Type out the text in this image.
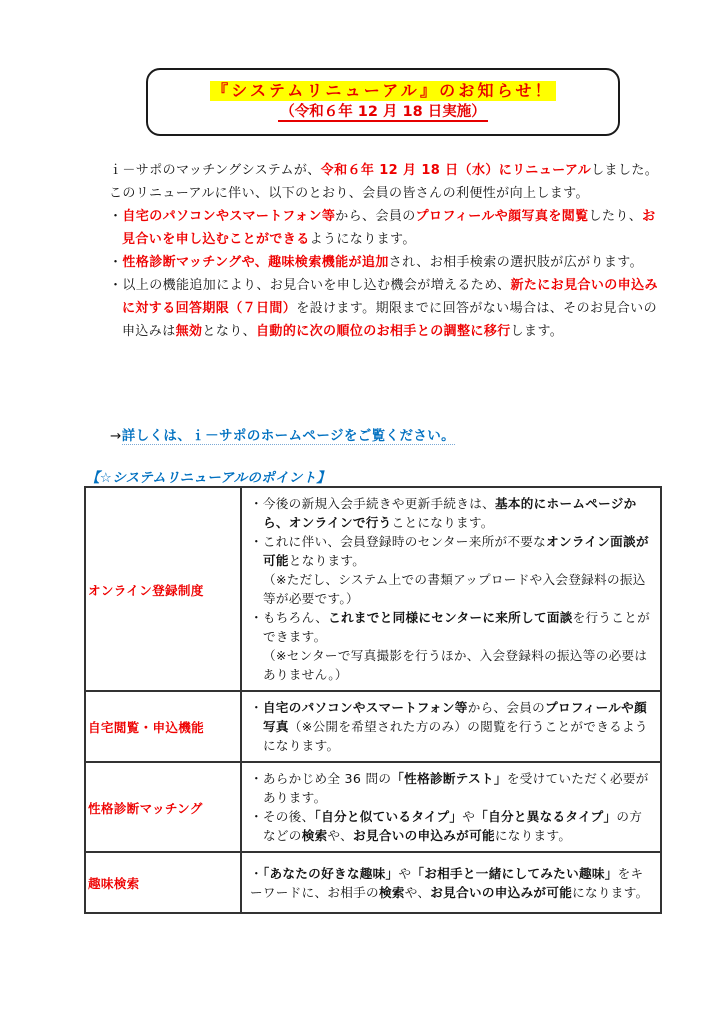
『システムリニューアル』のお知らせ！
（令和６年 12 月 18 日実施）

ｉ－サポのマッチングシステムが、令和６年 12 月 18 日（水）にリニューアルしました。

このリニューアルに伴い、以下のとおり、会員の皆さんの利便性が向上します。

・自宅のパソコンやスマートフォン等から、会員のプロフィールや顔写真を閲覧したり、お見合いを申し込むことができるようになります。

・性格診断マッチングや、趣味検索機能が追加され、お相手検索の選択肢が広がります。

・以上の機能追加により、お見合いを申し込む機会が増えるため、新たにお見合いの申込みに対する回答期限（７日間）を設けます。期限までに回答がない場合は、そのお見合いの申込みは無効となり、自動的に次の順位のお相手との調整に移行します。

→詳しくは、ｉ－サポのホームページをご覧ください。
【☆システムリニューアルのポイント】
オンライン登録制度	・今後の新規入会手続きや更新手続きは、基本的にホームページから、オンラインで行うことになります。

・これに伴い、会員登録時のセンター来所が不要なオンライン面談が可能となります。

（※ただし、システム上での書類アップロードや入会登録料の振込等が必要です。）

・もちろん、これまでと同様にセンターに来所して面談を行うことができます。

（※センターで写真撮影を行うほか、入会登録料の振込等の必要はありません。）

自宅閲覧・申込機能	・自宅のパソコンやスマートフォン等から、会員のプロフィールや顔写真（※公開を希望された方のみ）の閲覧を行うことができるようになります。

性格診断マッチング	・あらかじめ全 36 問の「性格診断テスト」を受けていただく必要があります。

・その後、「自分と似ているタイプ」や「自分と異なるタイプ」の方などの検索や、お見合いの申込みが可能になります。

趣味検索	・「あなたの好きな趣味」や「お相手と一緒にしてみたい趣味」をキーワードに、お相手の検索や、お見合いの申込みが可能になります。
